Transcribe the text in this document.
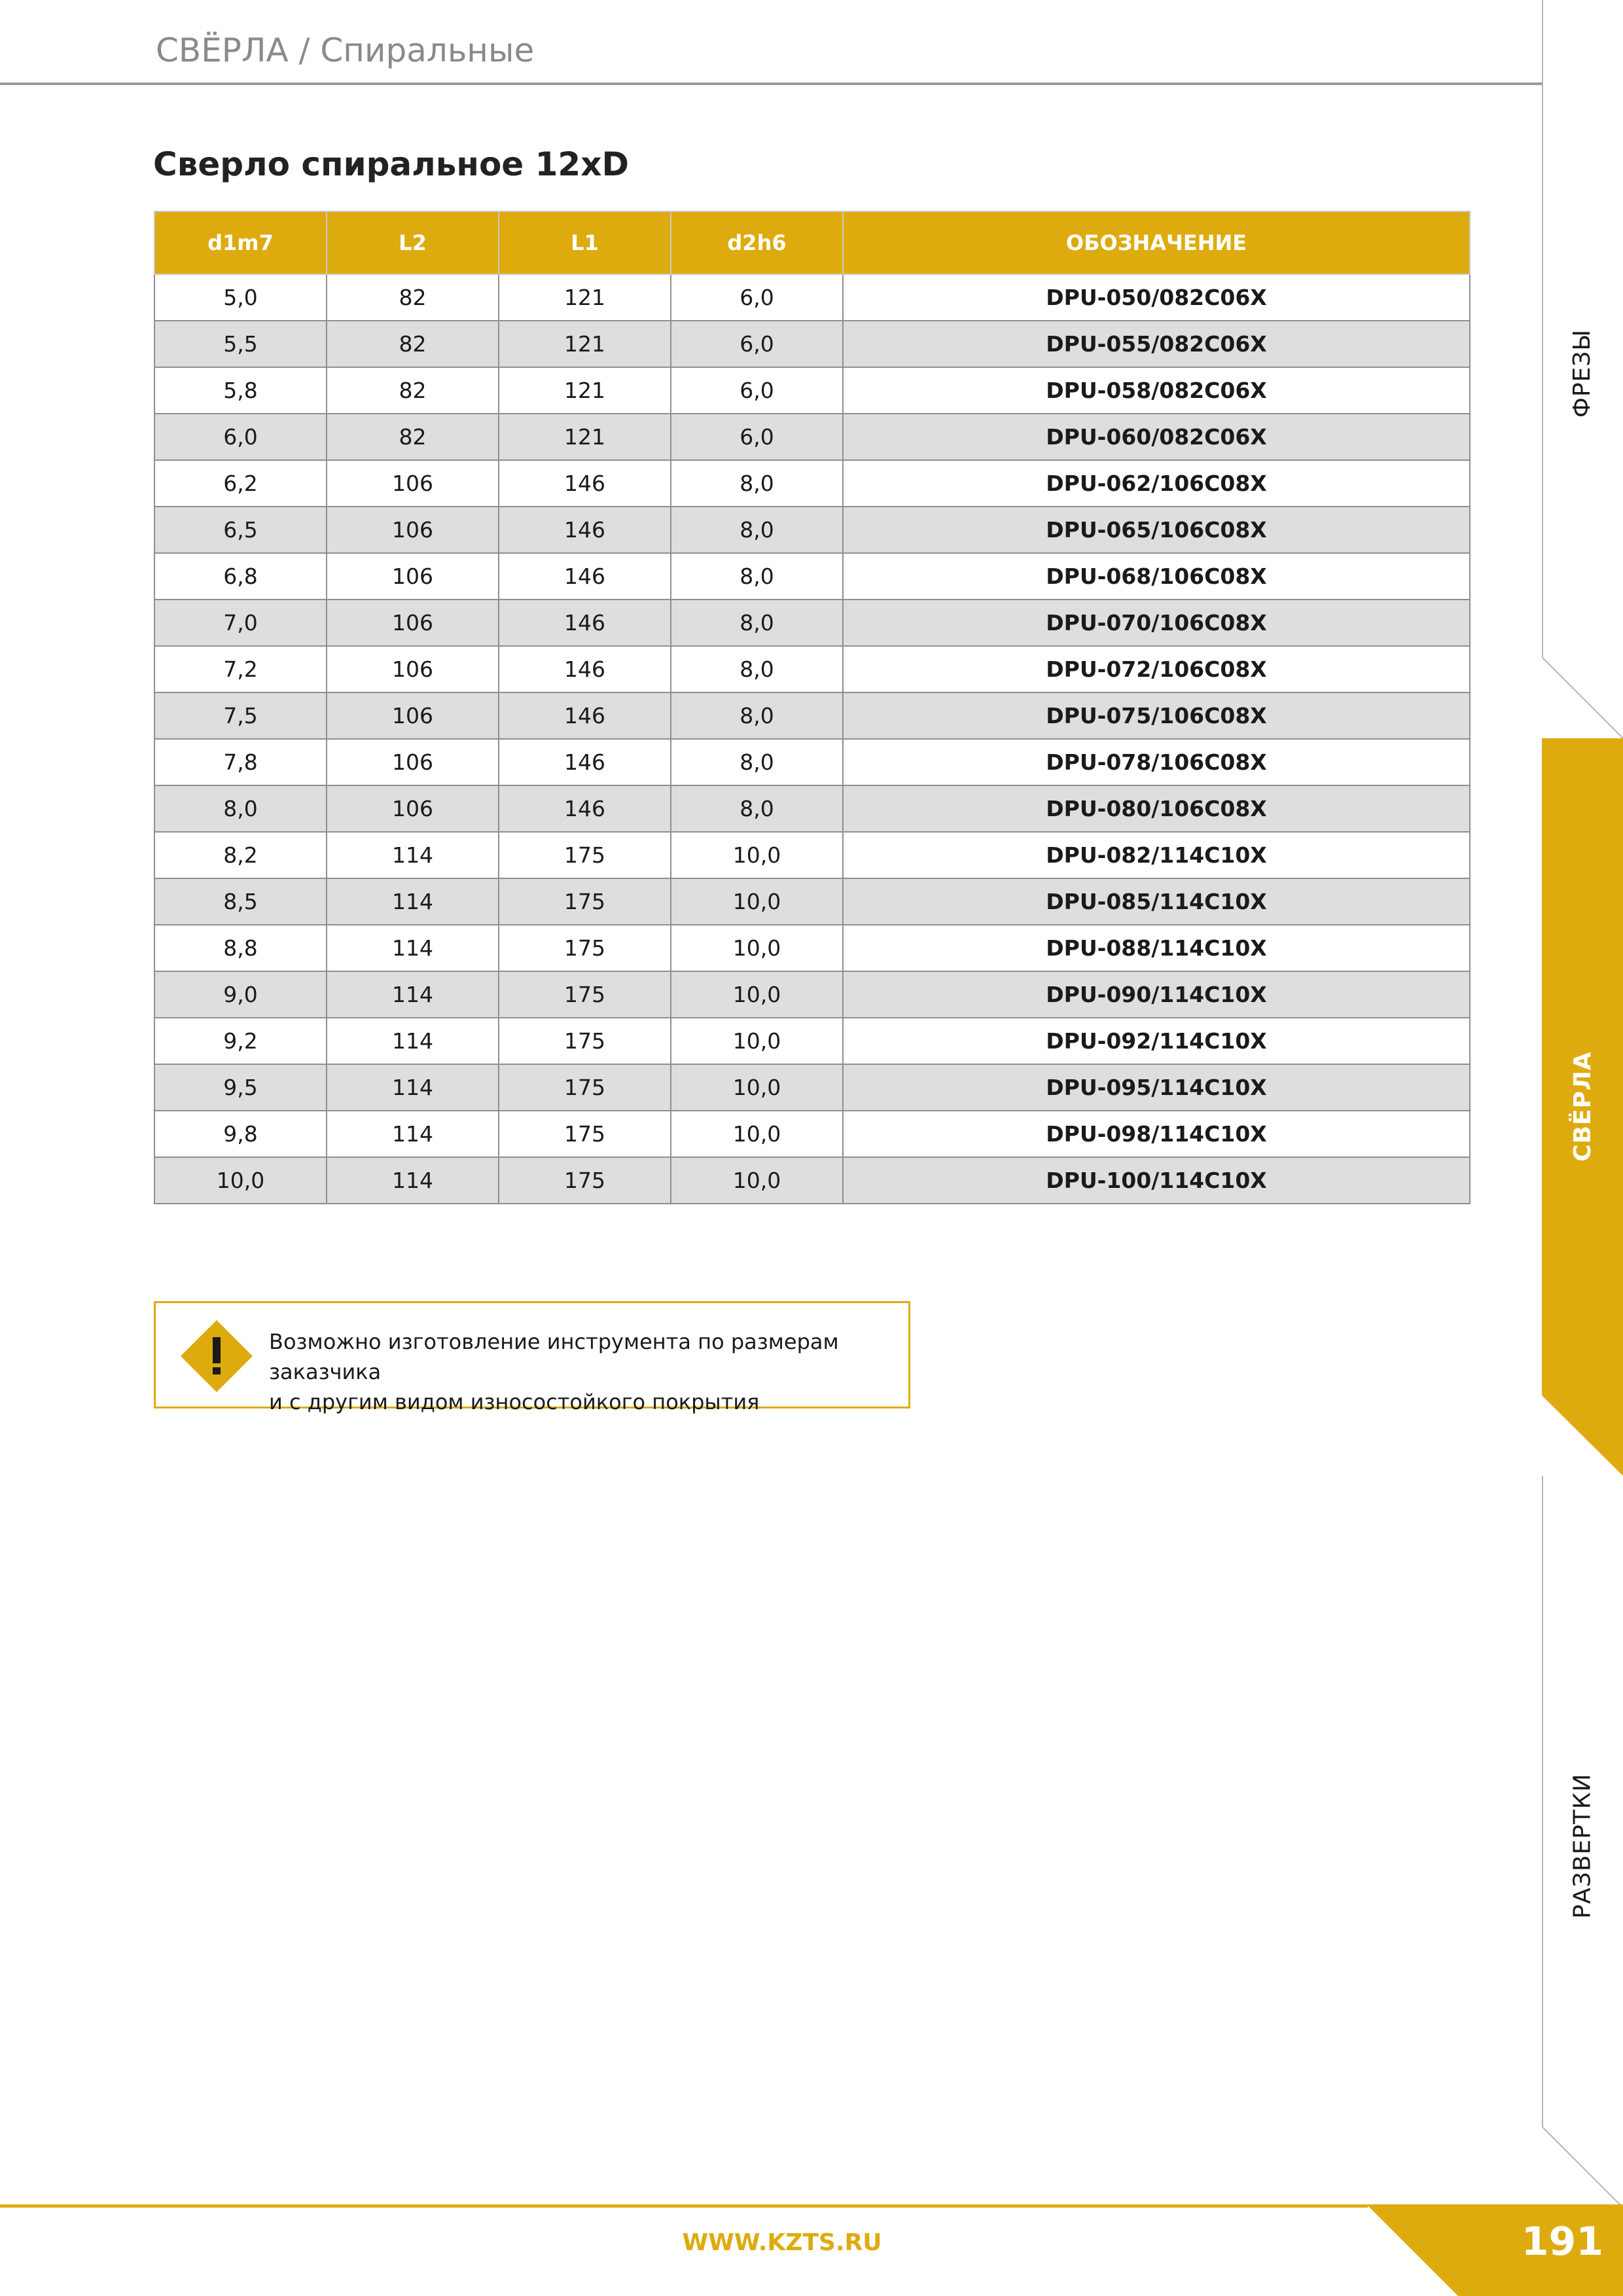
СВЁРЛА / Спиральные
Сверло спиральное 12xD
d1m7	L2	L1	d2h6	ОБОЗНАЧЕНИЕ
5,0	82	121	6,0	DPU-050/082C06X
5,5	82	121	6,0	DPU-055/082C06X
5,8	82	121	6,0	DPU-058/082C06X
6,0	82	121	6,0	DPU-060/082C06X
6,2	106	146	8,0	DPU-062/106C08X
6,5	106	146	8,0	DPU-065/106C08X
6,8	106	146	8,0	DPU-068/106C08X
7,0	106	146	8,0	DPU-070/106C08X
7,2	106	146	8,0	DPU-072/106C08X
7,5	106	146	8,0	DPU-075/106C08X
7,8	106	146	8,0	DPU-078/106C08X
8,0	106	146	8,0	DPU-080/106C08X
8,2	114	175	10,0	DPU-082/114C10X
8,5	114	175	10,0	DPU-085/114C10X
8,8	114	175	10,0	DPU-088/114C10X
9,0	114	175	10,0	DPU-090/114C10X
9,2	114	175	10,0	DPU-092/114C10X
9,5	114	175	10,0	DPU-095/114C10X
9,8	114	175	10,0	DPU-098/114C10X
10,0	114	175	10,0	DPU-100/114C10X
Возможно изготовление инструмента по размерам заказчика
и с другим видом износостойкого покрытия
ФРЕЗЫ
СВЁРЛА
РАЗВЕРТКИ
WWW.KZTS.RU	191
